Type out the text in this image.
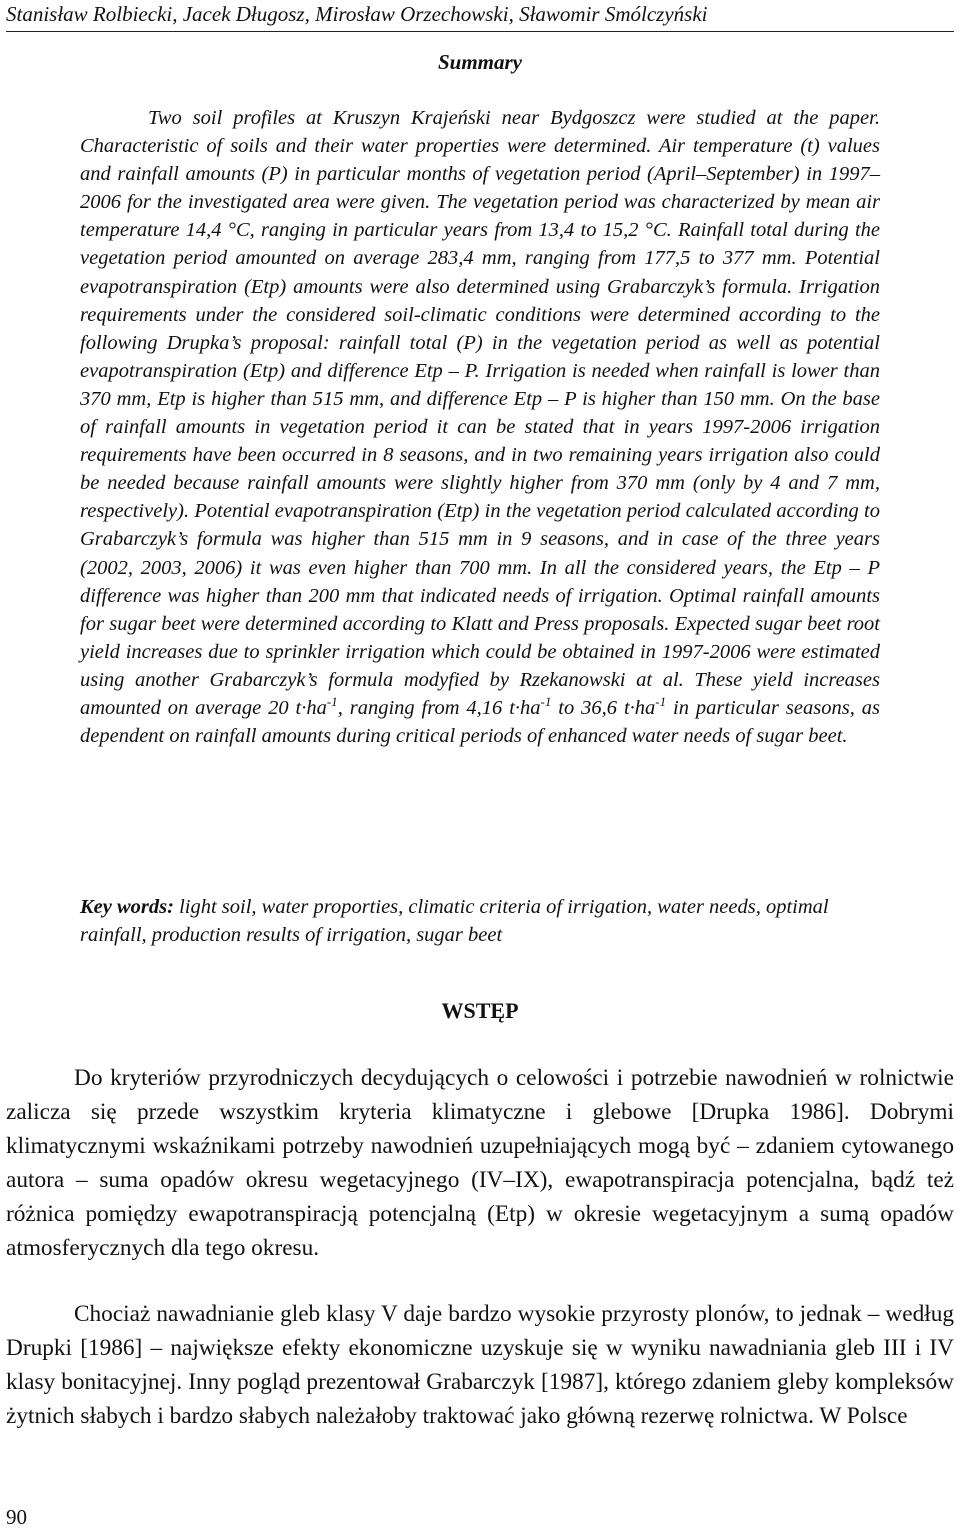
Stanisław Rolbiecki, Jacek Długosz, Mirosław Orzechowski, Sławomir Smólczyński
Summary

Two soil profiles at Kruszyn Krajeński near Bydgoszcz were studied at the paper. Characteristic of soils and their water properties were determined. Air temperature (t) values and rainfall amounts (P) in particular months of vegetation period (April–September) in 1997–2006 for the investigated area were given. The vegetation period was characterized by mean air temperature 14,4 °C, ranging in particular years from 13,4 to 15,2 °C. Rainfall total during the vegetation period amounted on average 283,4 mm, ranging from 177,5 to 377 mm. Potential evapotranspiration (Etp) amounts were also determined using Grabarczyk’s formula. Irrigation requirements under the considered soil-climatic conditions were determined according to the following Drupka’s proposal: rainfall total (P) in the vegetation period as well as potential evapotranspiration (Etp) and difference Etp – P. Irrigation is needed when rainfall is lower than 370 mm, Etp is higher than 515 mm, and difference Etp – P is higher than 150 mm. On the base of rainfall amounts in vegetation period it can be stated that in years 1997-2006 irrigation requirements have been occurred in 8 seasons, and in two remaining years irrigation also could be needed because rainfall amounts were slightly higher from 370 mm (only by 4 and 7 mm, respectively). Potential evapotranspiration (Etp) in the vegetation period calculated according to Grabarczyk’s formula was higher than 515 mm in 9 seasons, and in case of the three years (2002, 2003, 2006) it was even higher than 700 mm. In all the considered years, the Etp – P difference was higher than 200 mm that indicated needs of irrigation. Optimal rainfall amounts for sugar beet were determined according to Klatt and Press proposals. Expected sugar beet root yield increases due to sprinkler irrigation which could be obtained in 1997-2006 were estimated using another Grabarczyk’s formula modyfied by Rzekanowski at al. These yield increases amounted on average 20 $t\cdot ha^{-1}$, ranging from 4,16 $t\cdot ha^{-1}$ to 36,6 $t\cdot ha^{-1}$ in particular seasons, as dependent on rainfall amounts during critical periods of enhanced water needs of sugar beet.

Key words: light soil, water proporties, climatic criteria of irrigation, water needs, optimal rainfall, production results of irrigation, sugar beet

WSTĘP

Do kryteriów przyrodniczych decydujących o celowości i potrzebie nawodnień w rolnictwie zalicza się przede wszystkim kryteria klimatyczne i glebowe [Drupka 1986]. Dobrymi klimatycznymi wskaźnikami potrzeby nawodnień uzupełniających mogą być – zdaniem cytowanego autora – suma opadów okresu wegetacyjnego (IV–IX), ewapotranspiracja potencjalna, bądź też różnica pomiędzy ewapotranspiracją potencjalną (Etp) w okresie wegetacyjnym a sumą opadów atmosferycznych dla tego okresu.

Chociaż nawadnianie gleb klasy V daje bardzo wysokie przyrosty plonów, to jednak – według Drupki [1986] – największe efekty ekonomiczne uzyskuje się w wyniku nawadniania gleb III i IV klasy bonitacyjnej. Inny pogląd prezentował Grabarczyk [1987], którego zdaniem gleby kompleksów żytnich słabych i bardzo słabych należałoby traktować jako główną rezerwę rolnictwa. W Polsce

90
